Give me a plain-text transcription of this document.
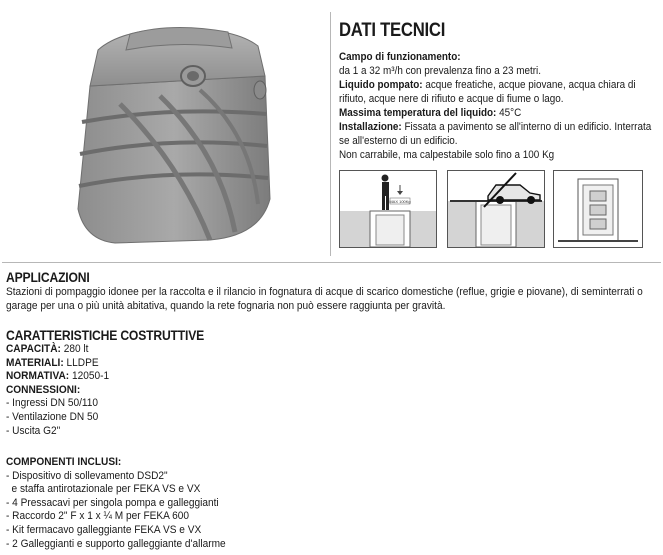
DATI TECNICI
Campo di funzionamento:
da 1 a 32 m³/h con prevalenza fino a 23 metri.
Liquido pompato: acque freatiche, acque piovane, acqua chiara di rifiuto, acque nere di rifiuto e acque di fiume o lago.
Massima temperatura del liquido: 45°C
Installazione: Fissata a pavimento se all'interno di un edificio. Interrata se all'esterno di un edificio.
Non carrabile, ma calpestabile solo fino a 100 Kg
MAX 100Kg
APPLICAZIONI
Stazioni di pompaggio idonee per la raccolta e il rilancio in fognatura di acque di scarico domestiche (reflue, grigie e piovane), di seminterrati o garage per una o più unità abitativa, quando la rete fognaria non può essere raggiunta per gravità.
CARATTERISTICHE COSTRUTTIVE
CAPACITÀ: 280 lt
MATERIALI: LLDPE
NORMATIVA: 12050-1
CONNESSIONI:
- Ingressi DN 50/110
- Ventilazione DN 50
- Uscita G2"
COMPONENTI INCLUSI:
- Dispositivo di sollevamento DSD2"
e staffa antirotazionale per FEKA VS e VX
- 4 Pressacavi per singola pompa e galleggianti
- Raccordo 2" F x 1 x ¼ M per FEKA 600
- Kit fermacavo galleggiante FEKA VS e VX
- 2 Galleggianti e supporto galleggiante d'allarme
